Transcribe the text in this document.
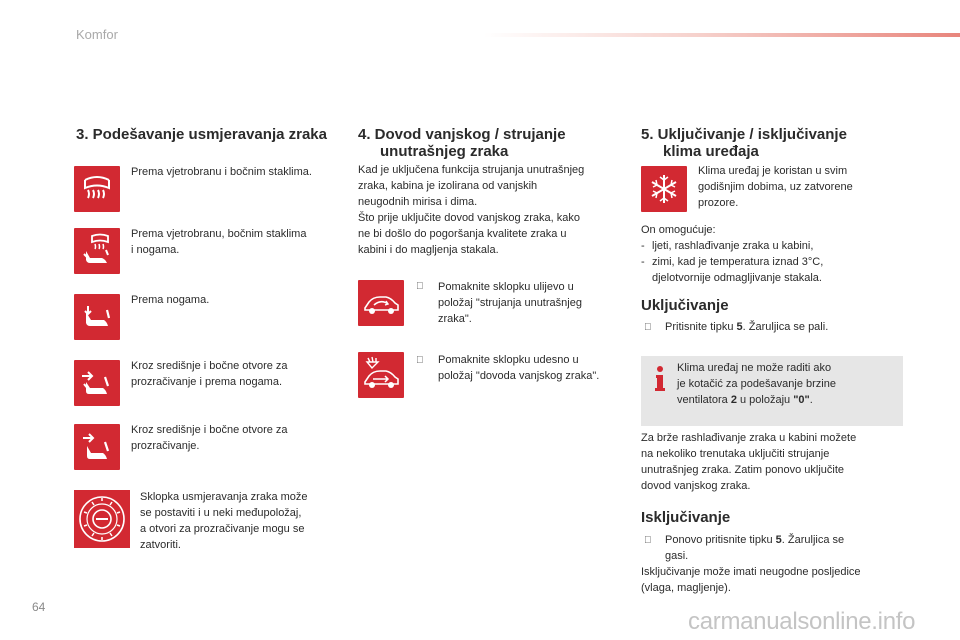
Komfor
3. Podešavanje usmjeravanja zraka
Prema vjetrobranu i bočnim staklima.
Prema vjetrobranu, bočnim staklima
i nogama.
Prema nogama.
Kroz središnje i bočne otvore za
prozračivanje i prema nogama.
Kroz središnje i bočne otvore za
prozračivanje.
Sklopka usmjeravanja zraka može
se postaviti i u neki međupoložaj,
a otvori za prozračivanje mogu se
zatvoriti.
4. Dovod vanjskog / strujanje
unutrašnjeg zraka
Kad je uključena funkcija strujanja unutrašnjeg
zraka, kabina je izolirana od vanjskih
neugodnih mirisa i dima.
Što prije uključite dovod vanjskog zraka, kako
ne bi došlo do pogoršanja kvalitete zraka u
kabini i do magljenja stakala.
Pomaknite sklopku ulijevo u
položaj "strujanja unutrašnjeg
zraka".
Pomaknite sklopku udesno u
položaj "dovoda vanjskog zraka".
5. Uključivanje / isključivanje
klima uređaja
Klima uređaj je koristan u svim
godišnjim dobima, uz zatvorene
prozore.
On omogućuje:
- ljeti, rashlađivanje zraka u kabini,
- zimi, kad je temperatura iznad 3°C,
djelotvornije odmagljivanje stakala.
Uključivanje
Pritisnite tipku 5. Žaruljica se pali.
Klima uređaj ne može raditi ako
je kotačić za podešavanje brzine
ventilatora 2 u položaju "0".
Za brže rashlađivanje zraka u kabini možete
na nekoliko trenutaka uključiti strujanje
unutrašnjeg zraka. Zatim ponovo uključite
dovod vanjskog zraka.
Isključivanje
Ponovo pritisnite tipku 5. Žaruljica se
gasi.
Isključivanje može imati neugodne posljedice
(vlaga, magljenje).
64
carmanualsonline.info
